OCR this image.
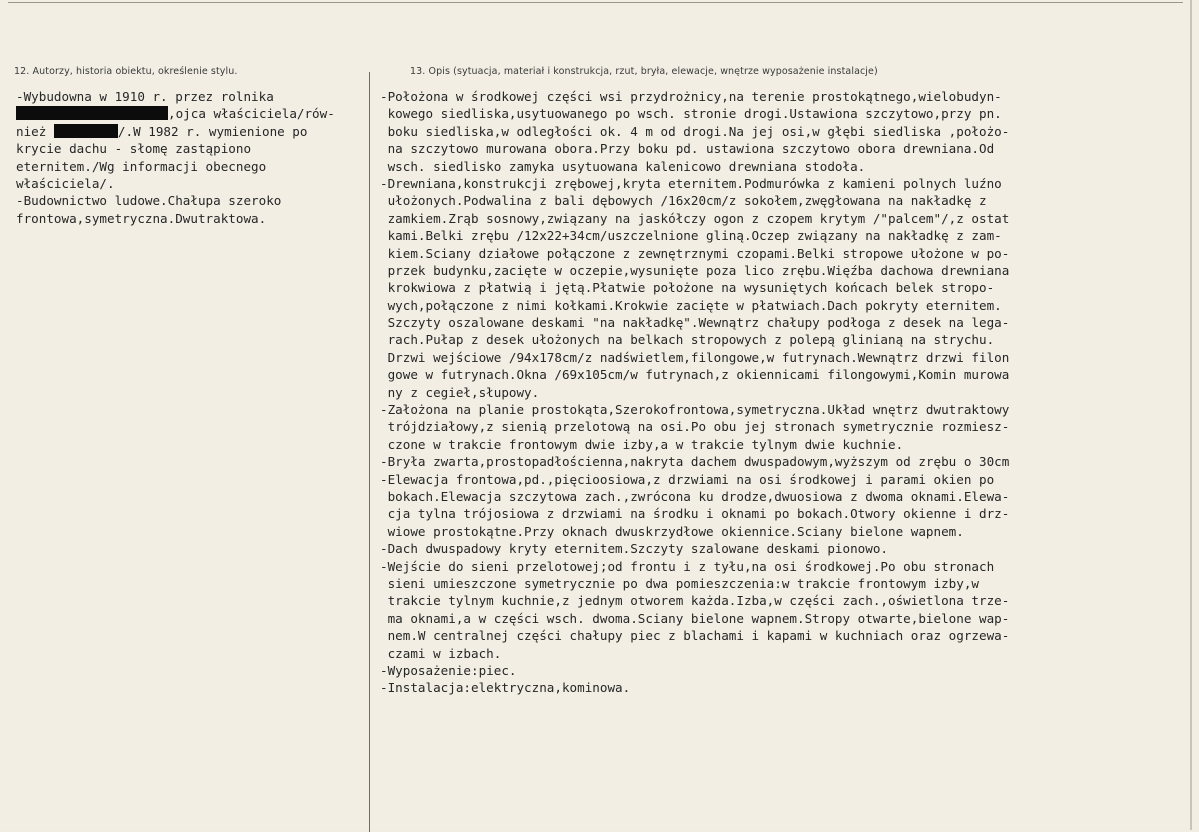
12. Autorzy, historia obiektu, określenie stylu.	13. Opis (sytuacja, materiał i konstrukcja, rzut, bryła, elewacje, wnętrze wyposażenie instalacje)
-Wybudowna w 1910 r. przez rolnika
,ojca właściciela/rów-
nież	/.W 1982 r. wymienione po
krycie dachu - słomę zastąpiono
eternitem./Wg informacji obecnego
właściciela/.
-Budownictwo ludowe.Chałupa szeroko
frontowa,symetryczna.Dwutraktowa.
-Położona w środkowej części wsi przydrożnicy,na terenie prostokątnego,wielobudyn-
kowego siedliska,usytuowanego po wsch. stronie drogi.Ustawiona szczytowo,przy pn.
boku siedliska,w odległości ok. 4 m od drogi.Na jej osi,w głębi siedliska ,położo-
na szczytowo murowana obora.Przy boku pd. ustawiona szczytowo obora drewniana.Od
wsch. siedlisko zamyka usytuowana kalenicowo drewniana stodoła.
-Drewniana,konstrukcji zrębowej,kryta eternitem.Podmurówka z kamieni polnych luźno
ułożonych.Podwalina z bali dębowych /16x20cm/z sokołem,zwęgłowana na nakładkę z
zamkiem.Zrąb sosnowy,związany na jaskółczy ogon z czopem krytym /"palcem"/,z ostat
kami.Belki zrębu /12x22+34cm/uszczelnione gliną.Oczep związany na nakładkę z zam-
kiem.Sciany działowe połączone z zewnętrznymi czopami.Belki stropowe ułożone w po-
przek budynku,zacięte w oczepie,wysunięte poza lico zrębu.Więźba dachowa drewniana
krokwiowa z płatwią i jętą.Płatwie położone na wysuniętych końcach belek stropo-
wych,połączone z nimi kołkami.Krokwie zacięte w płatwiach.Dach pokryty eternitem.
Szczyty oszalowane deskami "na nakładkę".Wewnątrz chałupy podłoga z desek na lega-
rach.Pułap z desek ułożonych na belkach stropowych z polepą glinianą na strychu.
Drzwi wejściowe /94x178cm/z nadświetlem,filongowe,w futrynach.Wewnątrz drzwi filon
gowe w futrynach.Okna /69x105cm/w futrynach,z okiennicami filongowymi,Komin murowa
ny z cegieł,słupowy.
-Założona na planie prostokąta,Szerokofrontowa,symetryczna.Układ wnętrz dwutraktowy
trójdziałowy,z sienią przelotową na osi.Po obu jej stronach symetrycznie rozmiesz-
czone w trakcie frontowym dwie izby,a w trakcie tylnym dwie kuchnie.
-Bryła zwarta,prostopadłościenna,nakryta dachem dwuspadowym,wyższym od zrębu o 30cm
-Elewacja frontowa,pd.,pięcioosiowa,z drzwiami na osi środkowej i parami okien po
bokach.Elewacja szczytowa zach.,zwrócona ku drodze,dwuosiowa z dwoma oknami.Elewa-
cja tylna trójosiowa z drzwiami na środku i oknami po bokach.Otwory okienne i drz-
wiowe prostokątne.Przy oknach dwuskrzydłowe okiennice.Sciany bielone wapnem.
-Dach dwuspadowy kryty eternitem.Szczyty szalowane deskami pionowo.
-Wejście do sieni przelotowej;od frontu i z tyłu,na osi środkowej.Po obu stronach
sieni umieszczone symetrycznie po dwa pomieszczenia:w trakcie frontowym izby,w
trakcie tylnym kuchnie,z jednym otworem każda.Izba,w części zach.,oświetlona trze-
ma oknami,a w części wsch. dwoma.Sciany bielone wapnem.Stropy otwarte,bielone wap-
nem.W centralnej części chałupy piec z blachami i kapami w kuchniach oraz ogrzewa-
czami w izbach.
-Wyposażenie:piec.
-Instalacja:elektryczna,kominowa.
